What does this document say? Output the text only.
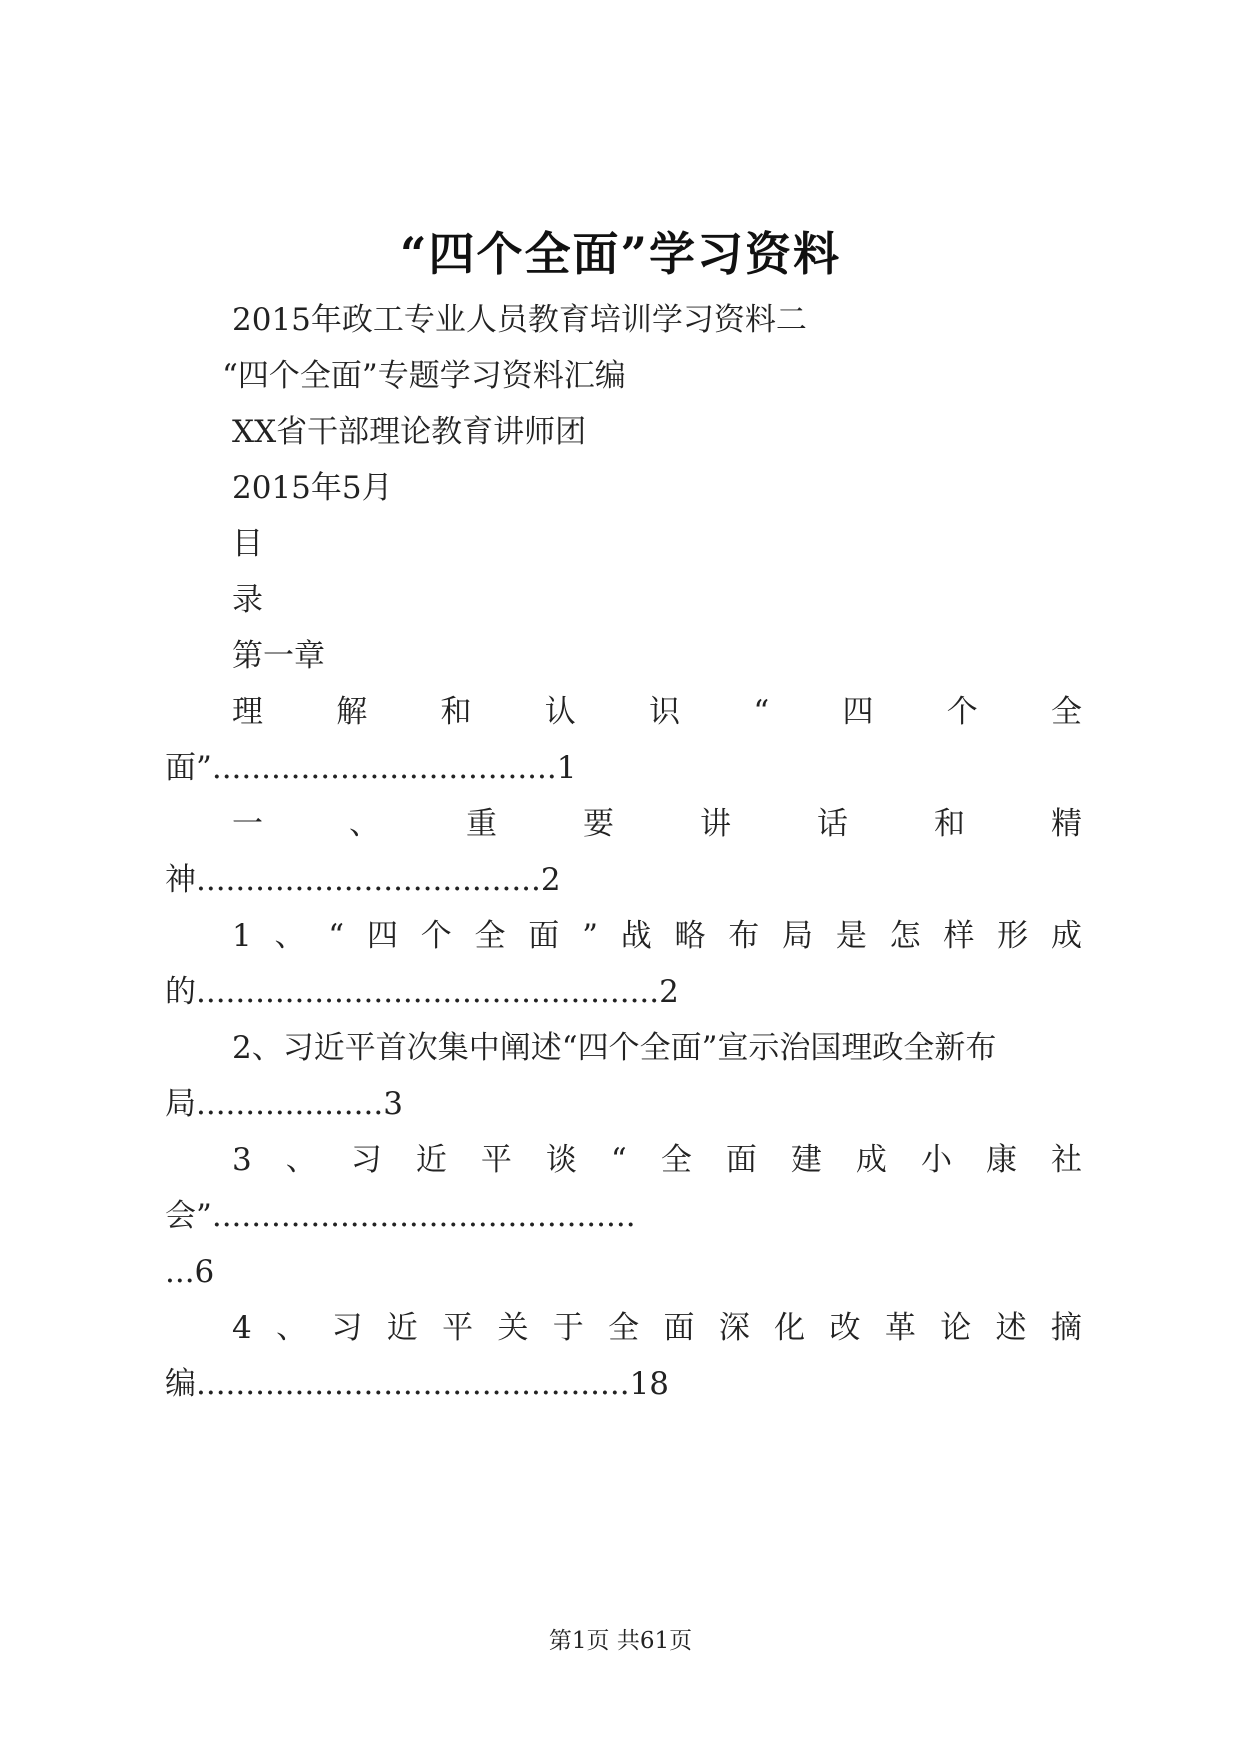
“四个全面”学习资料
2015年政工专业人员教育培训学习资料二
“四个全面”专题学习资料汇编
XX省干部理论教育讲师团
2015年5月
目
录
第一章
理 解 和 认 识 “ 四 个 全
面”...................................1
一	、	重	要	讲	话	和	精
神...................................2
1 、 “ 四 个 全 面 ” 战 略 布 局 是 怎 样 形 成
的...............................................2
2、习近平首次集中阐述“四个全面”宣示治国理政全新布
局...................3
3 、 习 近 平 谈 “ 全 面 建 成 小 康 社
会”...........................................
...6
4 、 习 近 平 关 于 全 面 深 化 改 革 论 述 摘
编............................................18
第1页 共61页
